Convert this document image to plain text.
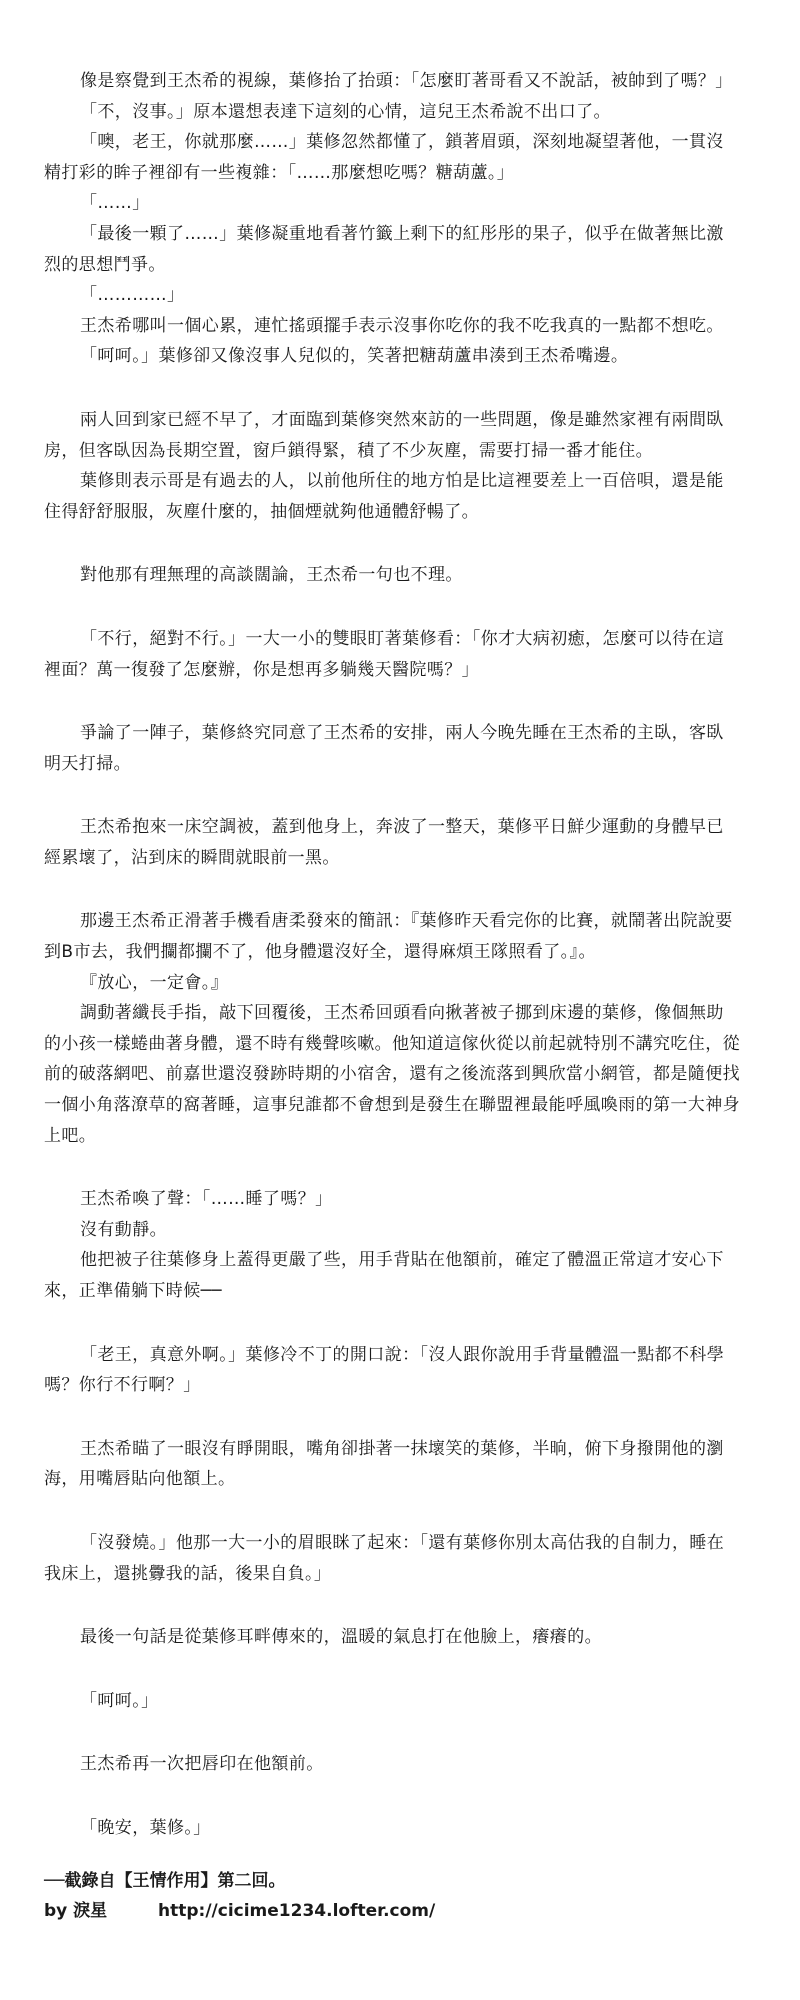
像是察覺到王杰希的視線，葉修抬了抬頭：「怎麼盯著哥看又不說話，被帥到了嗎？」

「不，沒事。」原本還想表達下這刻的心情，這兒王杰希說不出口了。

「噢，老王，你就那麼……」葉修忽然都懂了，鎖著眉頭，深刻地凝望著他，一貫沒精打彩的眸子裡卻有一些複雜：「……那麼想吃嗎？糖葫蘆。」

「……」

「最後一顆了……」葉修凝重地看著竹籤上剩下的紅彤彤的果子，似乎在做著無比激烈的思想鬥爭。

「…………」

王杰希哪叫一個心累，連忙搖頭擺手表示沒事你吃你的我不吃我真的一點都不想吃。

「呵呵。」葉修卻又像沒事人兒似的，笑著把糖葫蘆串湊到王杰希嘴邊。

兩人回到家已經不早了，才面臨到葉修突然來訪的一些問題，像是雖然家裡有兩間臥房，但客臥因為長期空置，窗戶鎖得緊，積了不少灰塵，需要打掃一番才能住。

葉修則表示哥是有過去的人，以前他所住的地方怕是比這裡要差上一百倍唄，還是能住得舒舒服服，灰塵什麼的，抽個煙就夠他通體舒暢了。

對他那有理無理的高談闊論，王杰希一句也不理。

「不行，絕對不行。」一大一小的雙眼盯著葉修看：「你才大病初癒，怎麼可以待在這裡面？萬一復發了怎麼辦，你是想再多躺幾天醫院嗎？」

爭論了一陣子，葉修終究同意了王杰希的安排，兩人今晚先睡在王杰希的主臥，客臥明天打掃。

王杰希抱來一床空調被，蓋到他身上，奔波了一整天，葉修平日鮮少運動的身體早已經累壞了，沾到床的瞬間就眼前一黑。

那邊王杰希正滑著手機看唐柔發來的簡訊：『葉修昨天看完你的比賽，就鬧著出院說要到B市去，我們攔都攔不了，他身體還沒好全，還得麻煩王隊照看了。』。

『放心，一定會。』

調動著纖長手指，敲下回覆後，王杰希回頭看向揪著被子挪到床邊的葉修，像個無助的小孩一樣蜷曲著身體，還不時有幾聲咳嗽。他知道這傢伙從以前起就特別不講究吃住，從前的破落網吧、前嘉世還沒發跡時期的小宿舍，還有之後流落到興欣當小網管，都是隨便找一個小角落潦草的窩著睡，這事兒誰都不會想到是發生在聯盟裡最能呼風喚雨的第一大神身上吧。

王杰希喚了聲：「……睡了嗎？」

沒有動靜。

他把被子往葉修身上蓋得更嚴了些，用手背貼在他額前，確定了體溫正常這才安心下來，正準備躺下時候──

「老王，真意外啊。」葉修冷不丁的開口說：「沒人跟你說用手背量體溫一點都不科學嗎？你行不行啊？」

王杰希瞄了一眼沒有睜開眼，嘴角卻掛著一抹壞笑的葉修，半晌，俯下身撥開他的瀏海，用嘴唇貼向他額上。

「沒發燒。」他那一大一小的眉眼眯了起來：「還有葉修你別太高估我的自制力，睡在我床上，還挑釁我的話，後果自負。」

最後一句話是從葉修耳畔傳來的，溫暖的氣息打在他臉上，癢癢的。

「呵呵。」

王杰希再一次把唇印在他額前。

「晚安，葉修。」

──截錄自【王情作用】第二回。
by 淚星	http://cicime1234.lofter.com/
